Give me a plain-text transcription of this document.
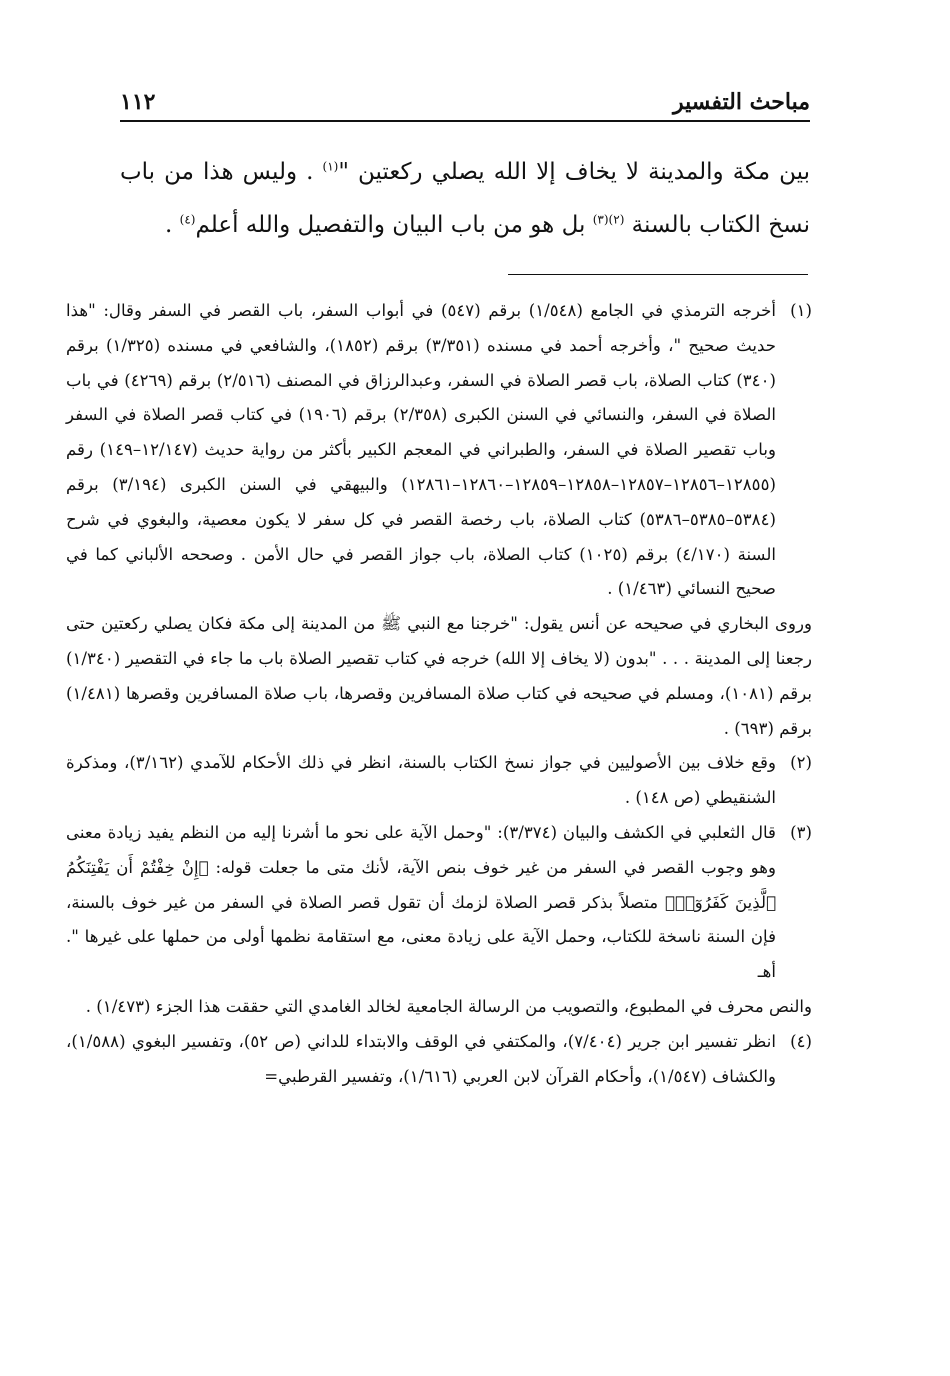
مباحث التفسير
١١٢

بين مكة والمدينة لا يخاف إلا الله يصلي ركعتين "$^{(١)}$ . وليس هذا من باب نسخ الكتاب بالسنة $^{(٢)(٣)}$ بل هو من باب البيان والتفصيل والله أعلم$^{(٤)}$ .

(١)

أخرجه الترمذي في الجامع (١/٥٤٨) برقم (٥٤٧) في أبواب السفر، باب القصر في السفر وقال: "هذا حديث صحيح "، وأخرجه أحمد في مسنده (٣/٣٥١) برقم (١٨٥٢)، والشافعي في مسنده (١/٣٢٥) برقم (٣٤٠) كتاب الصلاة، باب قصر الصلاة في السفر، وعبدالرزاق في المصنف (٢/٥١٦) برقم (٤٢٦٩) في باب الصلاة في السفر، والنسائي في السنن الكبرى (٢/٣٥٨) برقم (١٩٠٦) في كتاب قصر الصلاة في السفر وباب تقصير الصلاة في السفر، والطبراني في المعجم الكبير بأكثر من رواية حديث (١٢/١٤٧–١٤٩) رقم (١٢٨٥٥–١٢٨٥٦–١٢٨٥٧–١٢٨٥٨–١٢٨٥٩–١٢٨٦٠–١٢٨٦١) والبيهقي في السنن الكبرى (٣/١٩٤) برقم (٥٣٨٤–٥٣٨٥–٥٣٨٦) كتاب الصلاة، باب رخصة القصر في كل سفر لا يكون معصية، والبغوي في شرح السنة (٤/١٧٠) برقم (١٠٢٥) كتاب الصلاة، باب جواز القصر في حال الأمن . وصححه الألباني كما في صحيح النسائي (١/٤٦٣) .

وروى البخاري في صحيحه عن أنس يقول: "خرجنا مع النبي ﷺ من المدينة إلى مكة فكان يصلي ركعتين حتى رجعنا إلى المدينة . . . "بدون (لا يخاف إلا الله) خرجه في كتاب تقصير الصلاة باب ما جاء في التقصير (١/٣٤٠) برقم (١٠٨١)، ومسلم في صحيحه في كتاب صلاة المسافرين وقصرها، باب صلاة المسافرين وقصرها (١/٤٨١) برقم (٦٩٣) .

(٢)

وقع خلاف بين الأصوليين في جواز نسخ الكتاب بالسنة، انظر في ذلك الأحكام للآمدي (٣/١٦٢)، ومذكرة الشنقيطي (ص ١٤٨) .

(٣)

قال الثعلبي في الكشف والبيان (٣/٣٧٤): "وحمل الآية على نحو ما أشرنا إليه من النظم يفيد زيادة معنى وهو وجوب القصر في السفر من غير خوف بنص الآية، لأنك متى ما جعلت قوله: ﴿إِنْ خِفْتُمْ أَن يَفْتِنَكُمُ ٱلَّذِينَ كَفَرُوٓا۟﴾ متصلاً بذكر قصر الصلاة لزمك أن تقول قصر الصلاة في السفر من غير خوف بالسنة، فإن السنة ناسخة للكتاب، وحمل الآية على زيادة معنى، مع استقامة نظمها أولى من حملها على غيرها ". أهـ

والنص محرف في المطبوع، والتصويب من الرسالة الجامعية لخالد الغامدي التي حققت هذا الجزء (١/٤٧٣) .

(٤)

انظر تفسير ابن جرير (٧/٤٠٤)، والمكتفي في الوقف والابتداء للداني (ص ٥٢)، وتفسير البغوي (١/٥٨٨)، والكشاف (١/٥٤٧)، وأحكام القرآن لابن العربي (١/٦١٦)، وتفسير القرطبي=
